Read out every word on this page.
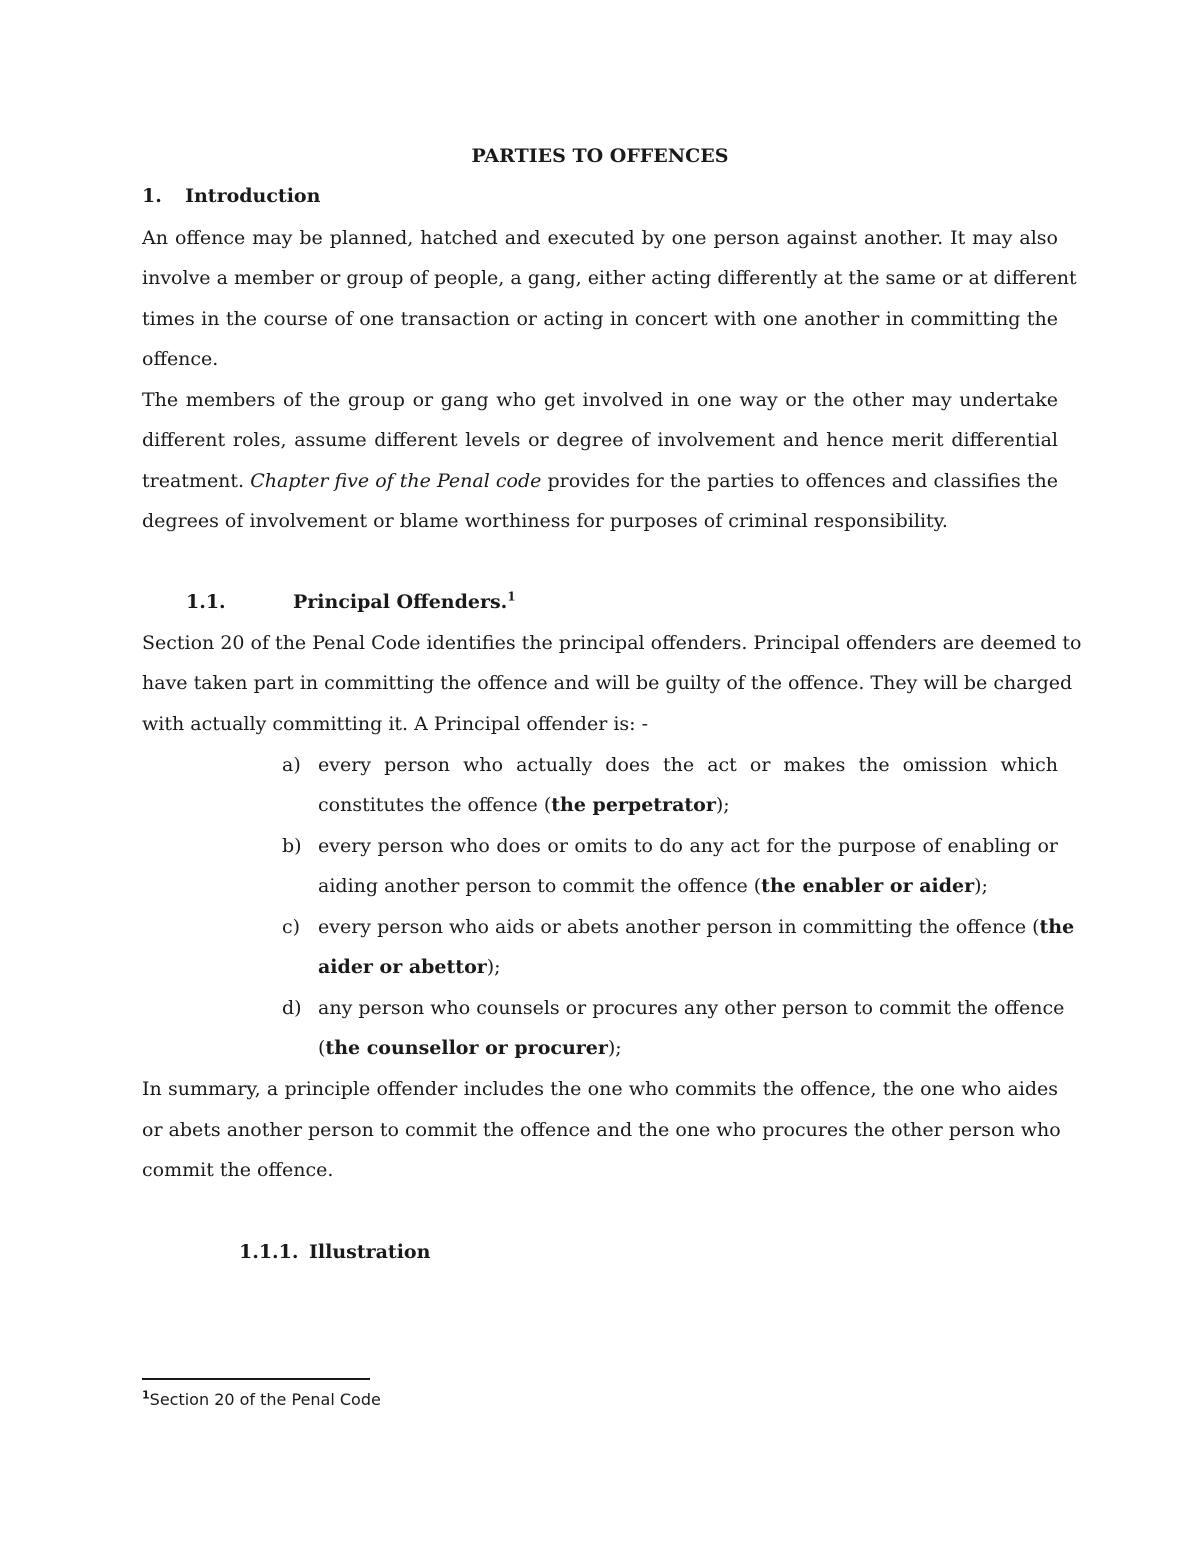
PARTIES TO OFFENCES
1. Introduction
An offence may be planned, hatched and executed by one person against another. It may also
involve a member or group of people, a gang, either acting differently at the same or at different
times in the course of one transaction or acting in concert with one another in committing the
offence.
The members of the group or gang who get involved in one way or the other may undertake
different roles, assume different levels or degree of involvement and hence merit differential
treatment. Chapter five of the Penal code provides for the parties to offences and classifies the
degrees of involvement or blame worthiness for purposes of criminal responsibility.
1.1.	Principal Offenders.$^1$
Section 20 of the Penal Code identifies the principal offenders. Principal offenders are deemed to
have taken part in committing the offence and will be guilty of the offence. They will be charged
with actually committing it. A Principal offender is: -
a) every person who actually does the act or makes the omission which
constitutes the offence (the perpetrator);
b) every person who does or omits to do any act for the purpose of enabling or
aiding another person to commit the offence (the enabler or aider);
c) every person who aids or abets another person in committing the offence (the
aider or abettor);
d) any person who counsels or procures any other person to commit the offence
(the counsellor or procurer);
In summary, a principle offender includes the one who commits the offence, the one who aides
or abets another person to commit the offence and the one who procures the other person who
commit the offence.
1.1.1. Illustration
$^1$Section 20 of the Penal Code
